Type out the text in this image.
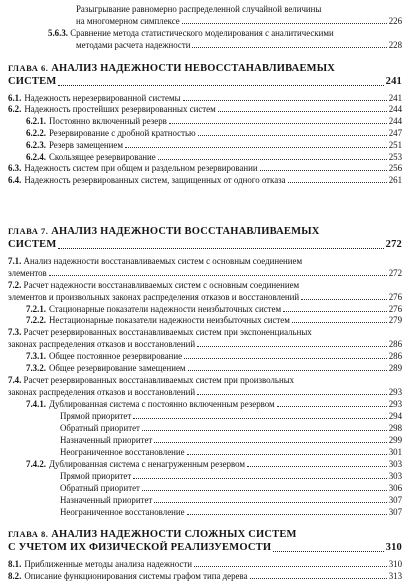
Разыгрывание равномерно распределенной случайной величины
на многомерном симплексе	226
5.6.3. Сравнение метода статистического моделирования с аналитическими
методами расчета надежности	228
ГЛАВА 6. АНАЛИЗ НАДЕЖНОСТИ НЕВОССТАНАВЛИВАЕМЫХ
СИСТЕМ	241
6.1. Надежность нерезервированной системы	241
6.2. Надежность простейших резервированных систем	244
6.2.1. Постоянно включенный резерв	244
6.2.2. Резервирование с дробной кратностью	247
6.2.3. Резерв замещением	251
6.2.4. Скользящее резервирование	253
6.3. Надежность систем при общем и раздельном резервировании	256
6.4. Надежность резервированных систем, защищенных от одного отказа	261
ГЛАВА 7. АНАЛИЗ НАДЕЖНОСТИ ВОССТАНАВЛИВАЕМЫХ
СИСТЕМ	272
7.1. Анализ надежности восстанавливаемых систем с основным соединением
элементов	272
7.2. Расчет надежности восстанавливаемых систем с основным соединением
элементов и произвольных законах распределения отказов и восстановлений	276
7.2.1. Стационарные показатели надежности неизбыточных систем	276
7.2.2. Нестационарные показатели надежности неизбыточных систем	279
7.3. Расчет резервированных восстанавливаемых систем при экспоненциальных
законах распределения отказов и восстановлений	286
7.3.1. Общее постоянное резервирование	286
7.3.2. Общее резервирование замещением	289
7.4. Расчет резервированных восстанавливаемых систем при произвольных
законах распределения отказов и восстановлений	293
7.4.1. Дублированная система с постоянно включенным резервом	293
Прямой приоритет	294
Обратный приоритет	298
Назначенный приоритет	299
Неограниченное восстановление	301
7.4.2. Дублированная система с ненагруженным резервом	303
Прямой приоритет	303
Обратный приоритет	306
Назначенный приоритет	307
Неограниченное восстановление	307
ГЛАВА 8. АНАЛИЗ НАДЕЖНОСТИ СЛОЖНЫХ СИСТЕМ
С УЧЕТОМ ИХ ФИЗИЧЕСКОЙ РЕАЛИЗУЕМОСТИ	310
8.1. Приближенные методы анализа надежности	310
8.2. Описание функционирования системы графом типа дерева	313
